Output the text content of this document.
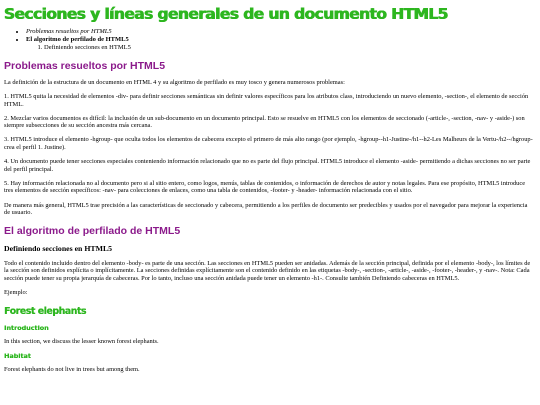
Secciones y líneas generales de un documento HTML5
• Problemas resueltos por HTML5
• El algoritmo de perfilado de HTML5
1. Definiendo secciones en HTML5
Problemas resueltos por HTML5

La definición de la estructura de un documento en HTML 4 y su algoritmo de perfilado es muy tosco y genera numerosos problemas:

1. HTML5 quita la necesidad de elementos -div- para definir secciones semánticas sin definir valores específicos para los atributos class, introduciendo un nuevo elemento, -section-, el elemento de sección HTML.

2. Mezclar varios documentos es difícil: la inclusión de un sub-documento en un documento principal. Esto se resuelve en HTML5 con los elementos de seccionado (-article-, -section, -nav- y -aside-) son siempre subsecciones de su sección ancestra más cercana.

3. HTML5 introduce el elemento -hgroup- que oculta todos los elementos de cabecera excepto el primero de más alto rango (por ejemplo, -hgroup--h1-Justine-/h1--h2-Les Malheurs de la Vertu-/h2--/hgroup- crea el perfil 1. Justine).

4. Un documento puede tener secciones especiales conteniendo información relacionado que no es parte del flujo principal. HTML5 introduce el elemento -aside- permitiendo a dichas secciones no ser parte del perfil principal.

5. Hay información relacionada no al documento pero si al sitio entero, como logos, menús, tablas de contenidos, o información de derechos de autor y notas legales. Para ese propósito, HTML5 introduce tres elementos de sección específicos: -nav- para colecciones de enlaces, como una tabla de contenidos, -footer- y -header- información relacionada con el sitio.

De manera más general, HTML5 trae precisión a las características de seccionado y cabecera, permitiendo a los perfiles de documento ser predecibles y usados por el navegador para mejorar la experiencia de usuario.

El algoritmo de perfilado de HTML5
Definiendo secciones en HTML5

Todo el contenido incluido dentro del elemento -body- es parte de una sección. Las secciones en HTML5 pueden ser anidadas. Además de la sección principal, definida por el elemento -body-, los límites de la sección son definidos explícita o implícitamente. La secciones definidas explícitamente son el contenido definido en las etiquetas -body-, -section-, -article-, -aside-, -footer-, -header-, y -nav-. Nota: Cada sección puede tener su propia jerarquía de cabeceras. Por lo tanto, incluso una sección anidada puede tener un elemento -h1-. Consulte también Definiendo cabeceras en HTML5.

Ejemplo:

Forest elephants
Introduction

In this section, we discuss the lesser known forest elephants.

Habitat

Forest elephants do not live in trees but among them.
